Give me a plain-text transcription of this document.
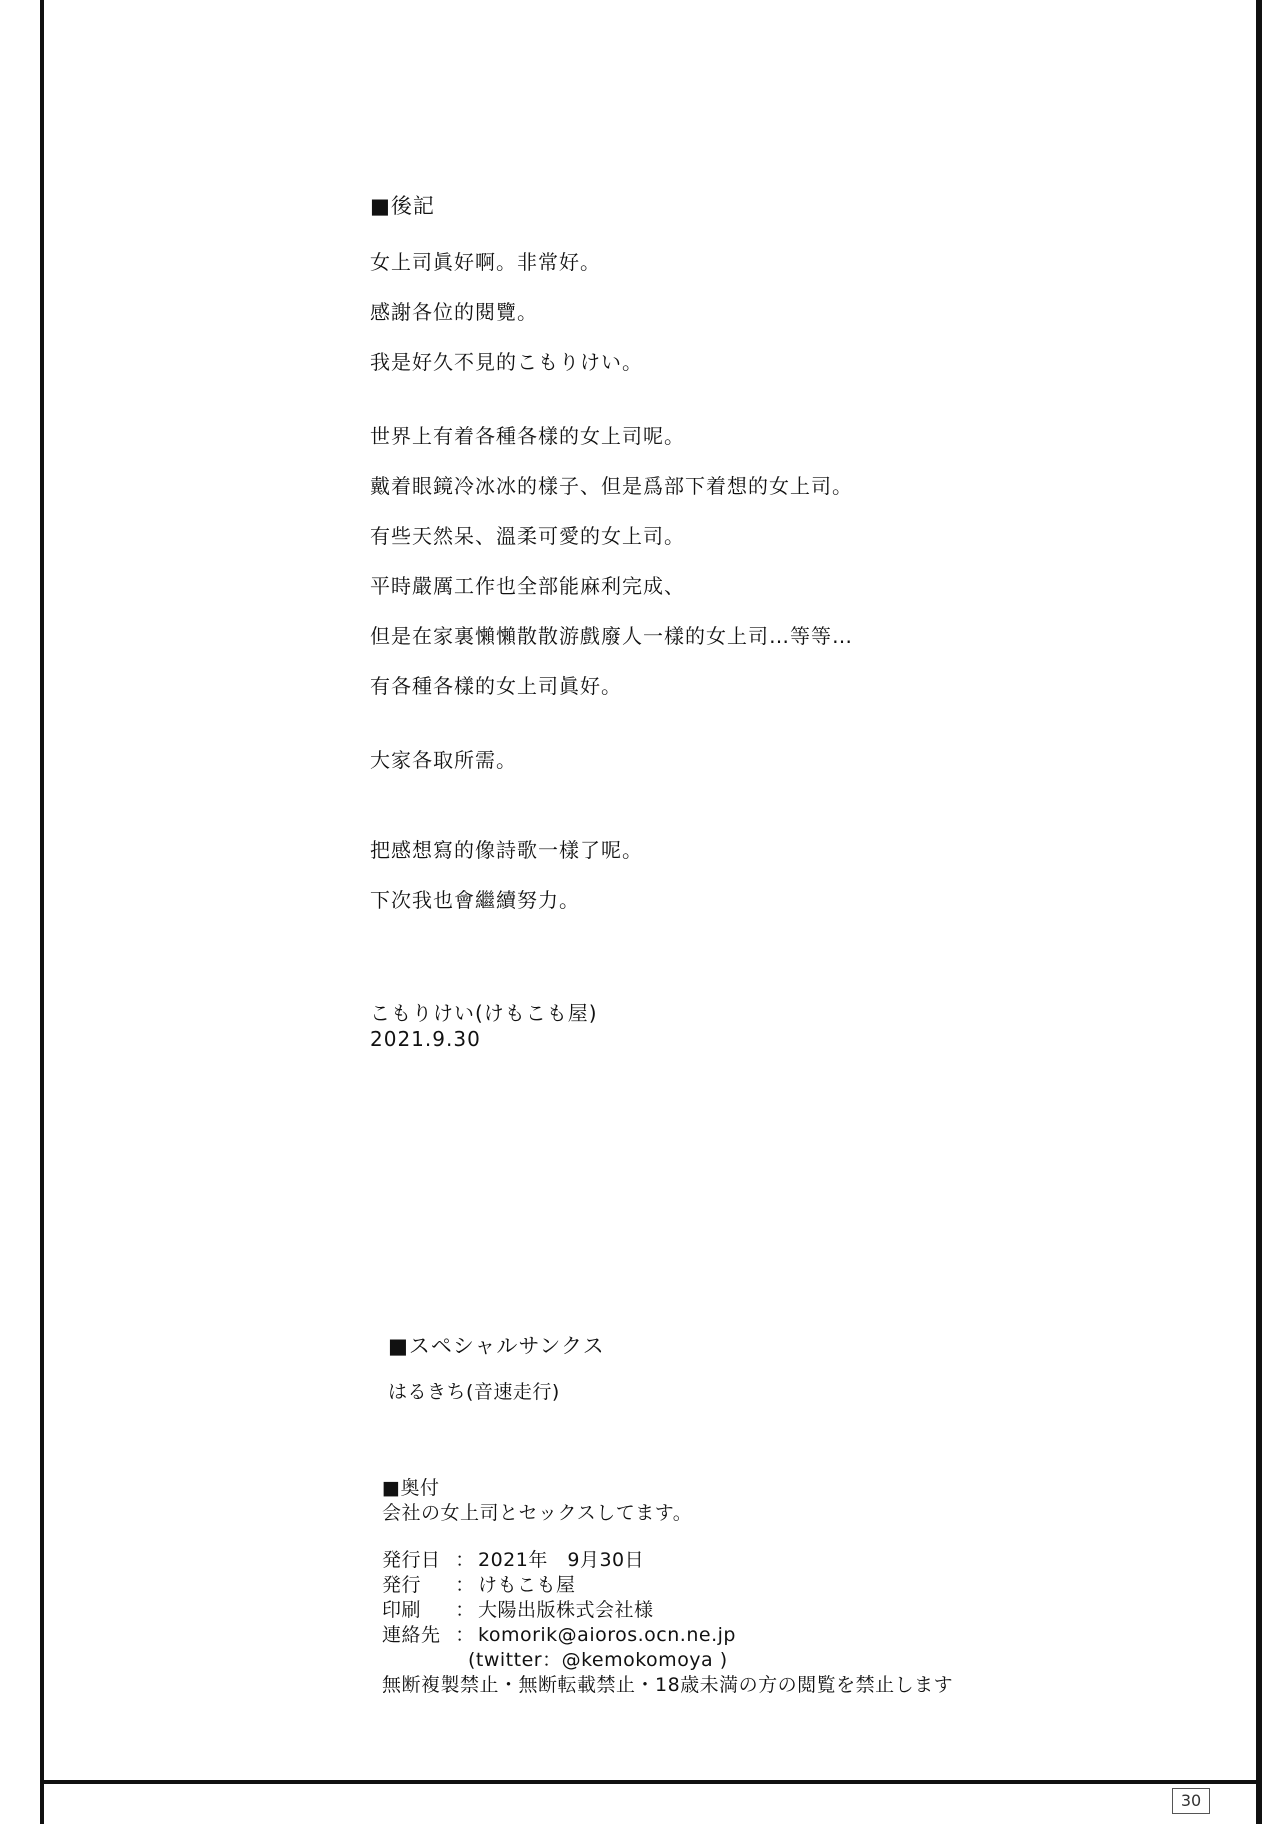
■後記

女上司眞好啊。非常好。

感謝各位的閱覽。

我是好久不見的こもりけい。

世界上有着各種各樣的女上司呢。

戴着眼鏡冷冰冰的樣子、但是爲部下着想的女上司。

有些天然呆、溫柔可愛的女上司。

平時嚴厲工作也全部能麻利完成、

但是在家裏懶懶散散游戲廢人一樣的女上司…等等…

有各種各樣的女上司眞好。

大家各取所需。

把感想寫的像詩歌一樣了呢。

下次我也會繼續努力。

こもりけい(けもこも屋)

2021.9.30

■スペシャルサンクス

はるきち(音速走行)

■奥付

会社の女上司とセックスしてます。

発行日 ： 2021年　9月30日
発行	： けもこも屋
印刷	： 大陽出版株式会社様
連絡先 ： komorik@aioros.ocn.ne.jp

(twitter：@kemokomoya )

無断複製禁止・無断転載禁止・18歳未満の方の閲覧を禁止します

30
